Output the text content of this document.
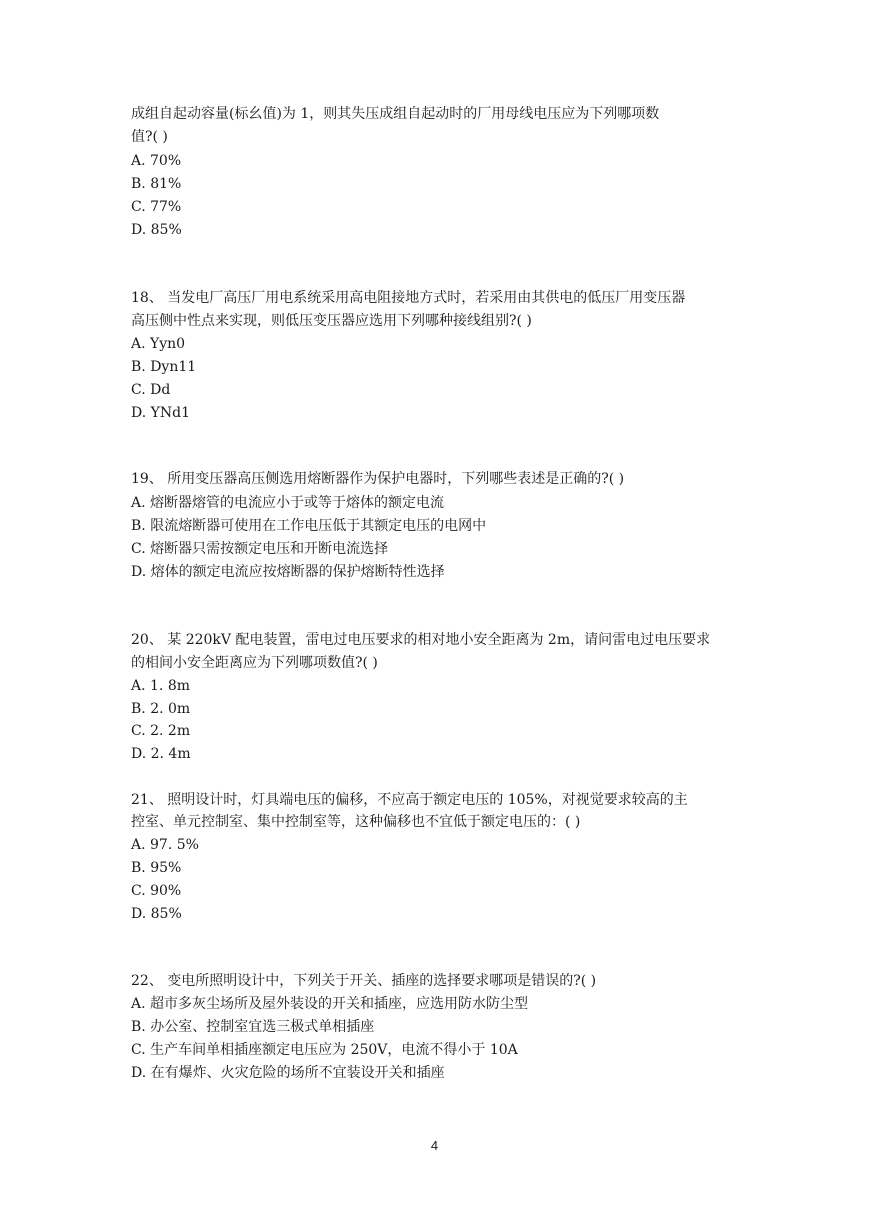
成组自起动容量(标幺值)为 1，则其失压成组自起动时的厂用母线电压应为下列哪项数
值?( )
A. 70%
B. 81%
C. 77%
D. 85%
18、 当发电厂高压厂用电系统采用高电阻接地方式时，若采用由其供电的低压厂用变压器
高压侧中性点来实现，则低压变压器应选用下列哪种接线组别?( )
A. Yyn0
B. Dyn11
C. Dd
D. YNd1
19、 所用变压器高压侧选用熔断器作为保护电器时，下列哪些表述是正确的?( )
A. 熔断器熔管的电流应小于或等于熔体的额定电流
B. 限流熔断器可使用在工作电压低于其额定电压的电网中
C. 熔断器只需按额定电压和开断电流选择
D. 熔体的额定电流应按熔断器的保护熔断特性选择
20、 某 220kV 配电装置，雷电过电压要求的相对地小安全距离为 2m，请问雷电过电压要求
的相间小安全距离应为下列哪项数值?( )
A. 1. 8m
B. 2. 0m
C. 2. 2m
D. 2. 4m
21、 照明设计时，灯具端电压的偏移，不应高于额定电压的 105%，对视觉要求较高的主
控室、单元控制室、集中控制室等，这种偏移也不宜低于额定电压的：( )
A. 97. 5%
B. 95%
C. 90%
D. 85%
22、 变电所照明设计中，下列关于开关、插座的选择要求哪项是错误的?( )
A. 超市多灰尘场所及屋外装设的开关和插座，应选用防水防尘型
B. 办公室、控制室宜选三极式单相插座
C. 生产车间单相插座额定电压应为 250V，电流不得小于 10A
D. 在有爆炸、火灾危险的场所不宜装设开关和插座
4
